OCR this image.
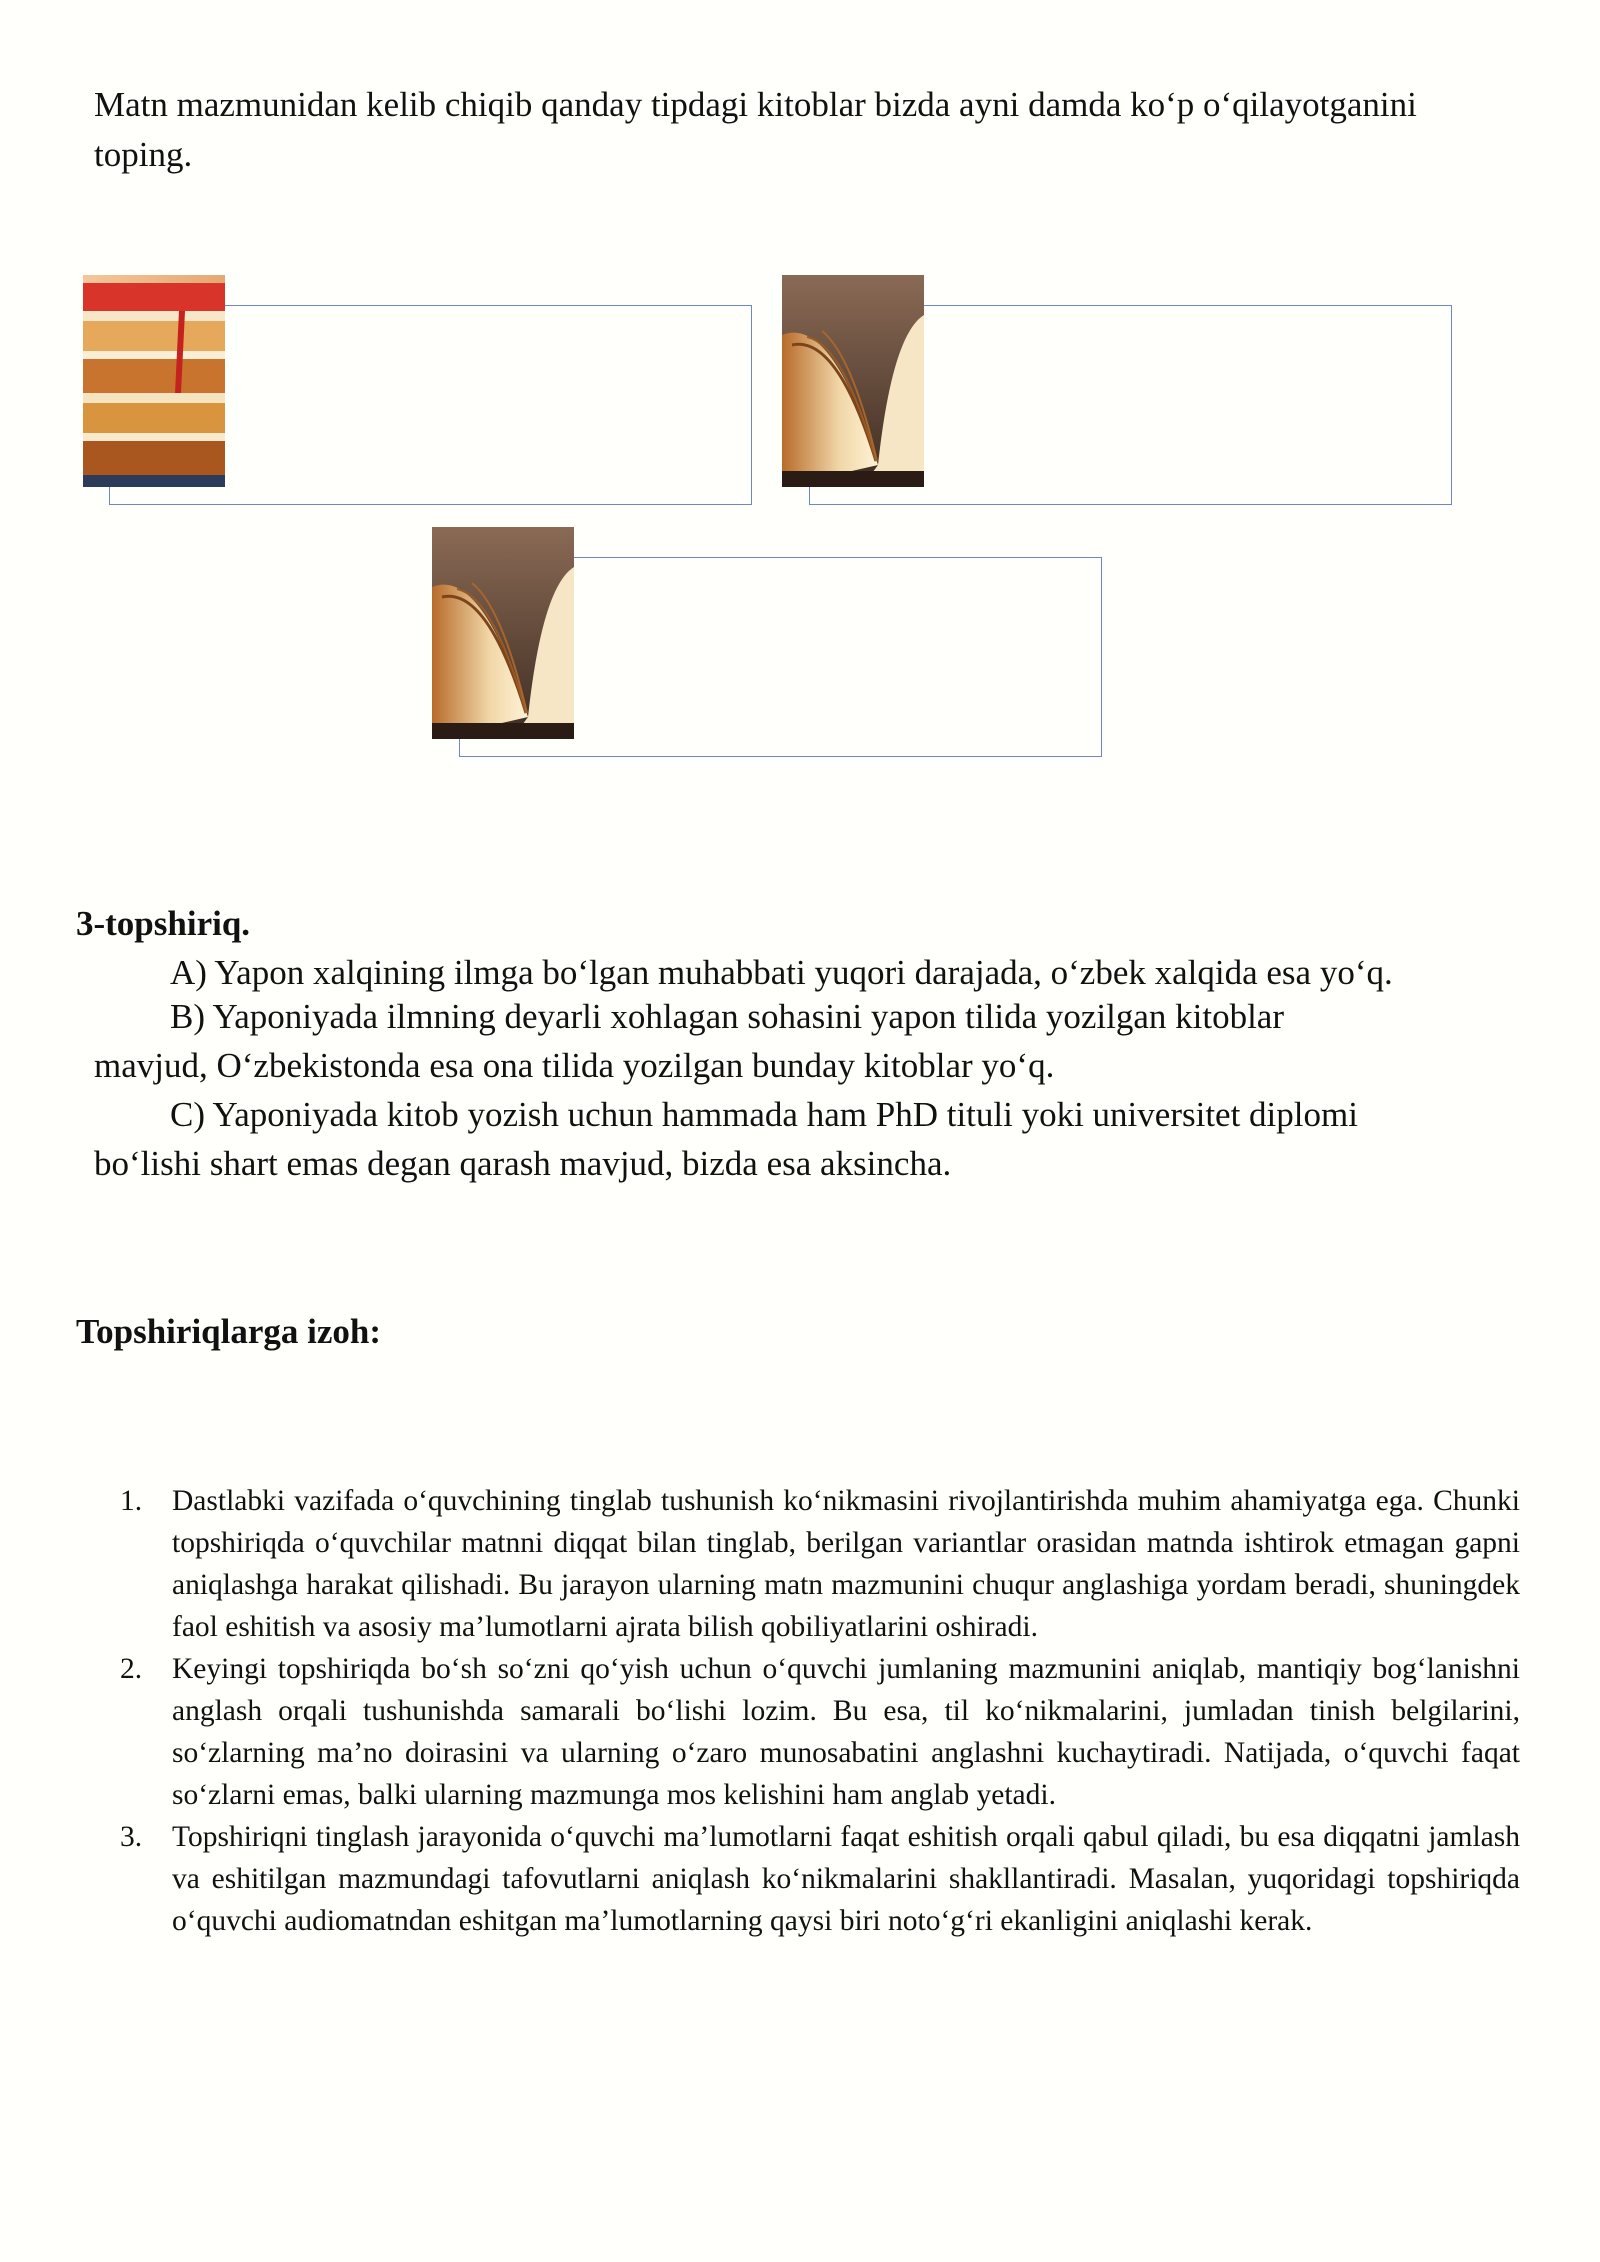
Matn mazmunidan kelib chiqib qanday tipdagi kitoblar bizda ayni damda ko‘p o‘qilayotganini
toping.
3-topshiriq.
A) Yapon xalqining ilmga bo‘lgan muhabbati yuqori darajada, o‘zbek xalqida esa yo‘q.
B) Yaponiyada ilmning deyarli xohlagan sohasini yapon tilida yozilgan kitoblar
mavjud, O‘zbekistonda esa ona tilida yozilgan bunday kitoblar yo‘q.
C) Yaponiyada kitob yozish uchun hammada ham PhD tituli yoki universitet diplomi
bo‘lishi shart emas degan qarash mavjud, bizda esa aksincha.
Topshiriqlarga izoh:
1.	Dastlabki vazifada o‘quvchining tinglab tushunish ko‘nikmasini rivojlantirishda muhim ahamiyatga ega. Chunki topshiriqda o‘quvchilar matnni diqqat bilan tinglab, berilgan variantlar orasidan matnda ishtirok etmagan gapni aniqlashga harakat qilishadi. Bu jarayon ularning matn mazmunini chuqur anglashiga yordam beradi, shuningdek faol eshitish va asosiy ma’lumotlarni ajrata bilish qobiliyatlarini oshiradi.
2.	Keyingi topshiriqda bo‘sh so‘zni qo‘yish uchun o‘quvchi jumlaning mazmunini aniqlab, mantiqiy bog‘lanishni anglash orqali tushunishda samarali bo‘lishi lozim. Bu esa, til ko‘nikmalarini, jumladan tinish belgilarini, so‘zlarning ma’no doirasini va ularning o‘zaro munosabatini anglashni kuchaytiradi. Natijada, o‘quvchi faqat so‘zlarni emas, balki ularning mazmunga mos kelishini ham anglab yetadi.
3.	Topshiriqni tinglash jarayonida o‘quvchi ma’lumotlarni faqat eshitish orqali qabul qiladi, bu esa diqqatni jamlash va eshitilgan mazmundagi tafovutlarni aniqlash ko‘nikmalarini shakllantiradi. Masalan, yuqoridagi topshiriqda o‘quvchi audiomatndan eshitgan ma’lumotlarning qaysi biri noto‘g‘ri ekanligini aniqlashi kerak.
